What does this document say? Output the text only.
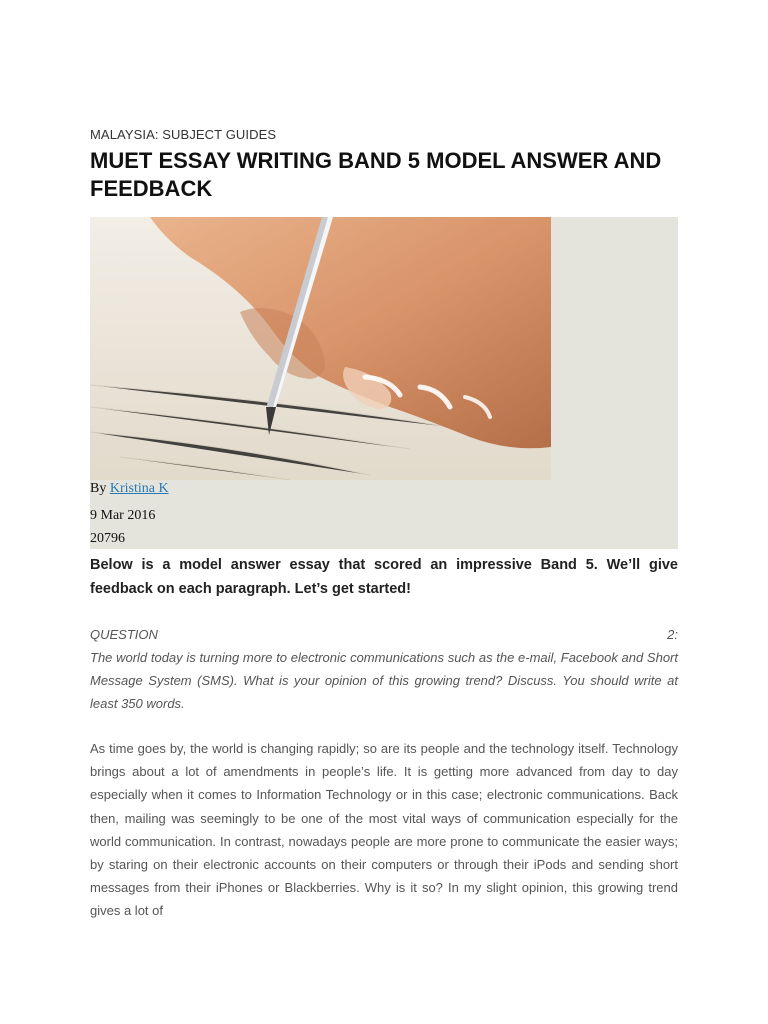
MALAYSIA: SUBJECT GUIDES
MUET ESSAY WRITING BAND 5 MODEL ANSWER AND FEEDBACK
By Kristina K
9 Mar 2016
20796

Below is a model answer essay that scored an impressive Band 5. We’ll give feedback on each paragraph. Let’s get started!

QUESTION	2:

The world today is turning more to electronic communications such as the e-mail, Facebook and Short Message System (SMS). What is your opinion of this growing trend? Discuss. You should write at least 350 words.

As time goes by, the world is changing rapidly; so are its people and the technology itself. Technology brings about a lot of amendments in people’s life. It is getting more advanced from day to day especially when it comes to Information Technology or in this case; electronic communications. Back then, mailing was seemingly to be one of the most vital ways of communication especially for the world communication. In contrast, nowadays people are more prone to communicate the easier ways; by staring on their electronic accounts on their computers or through their iPods and sending short messages from their iPhones or Blackberries. Why is it so? In my slight opinion, this growing trend gives a lot of
